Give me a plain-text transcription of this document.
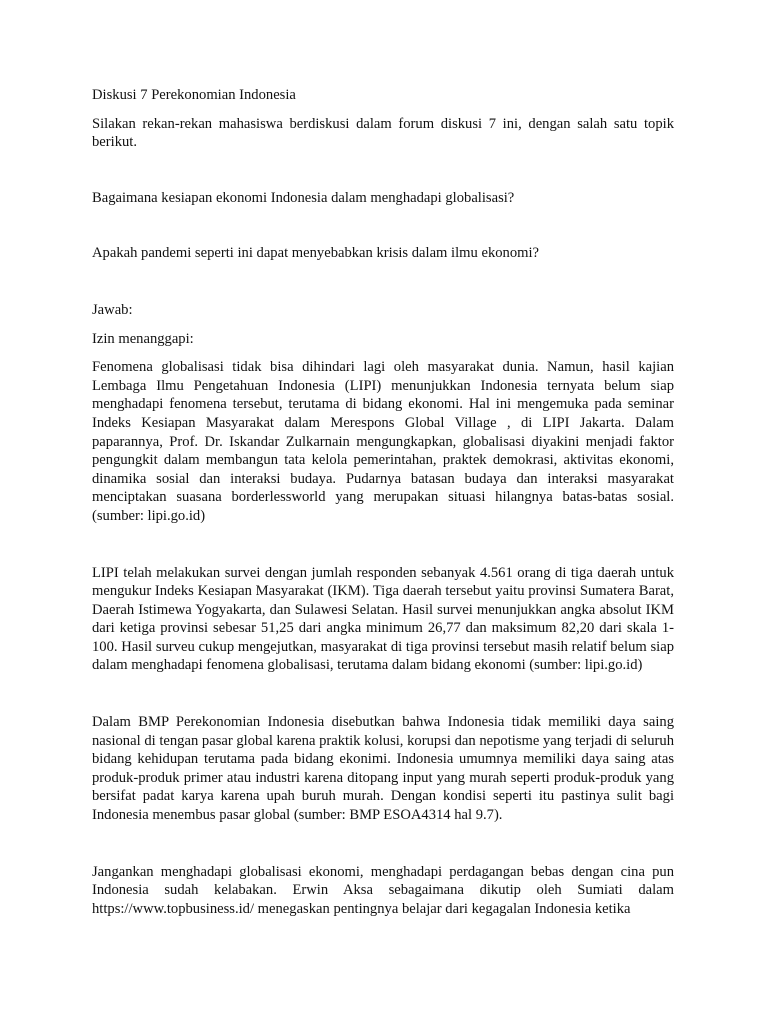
Diskusi 7 Perekonomian Indonesia

Silakan rekan-rekan mahasiswa berdiskusi dalam forum diskusi 7 ini, dengan salah satu topik berikut.

Bagaimana kesiapan ekonomi Indonesia dalam menghadapi globalisasi?

Apakah pandemi seperti ini dapat menyebabkan krisis dalam ilmu ekonomi?

Jawab:

Izin menanggapi:

Fenomena globalisasi tidak bisa dihindari lagi oleh masyarakat dunia. Namun, hasil kajian Lembaga Ilmu Pengetahuan Indonesia (LIPI) menunjukkan Indonesia ternyata belum siap menghadapi fenomena tersebut, terutama di bidang ekonomi. Hal ini mengemuka pada seminar Indeks Kesiapan Masyarakat dalam Merespons Global Village , di LIPI Jakarta. Dalam paparannya, Prof. Dr. Iskandar Zulkarnain mengungkapkan, globalisasi diyakini menjadi faktor pengungkit dalam membangun tata kelola pemerintahan, praktek demokrasi, aktivitas ekonomi, dinamika sosial dan interaksi budaya. Pudarnya batasan budaya dan interaksi masyarakat menciptakan suasana borderlessworld yang merupakan situasi hilangnya batas-batas sosial. (sumber: lipi.go.id)

LIPI telah melakukan survei dengan jumlah responden sebanyak 4.561 orang di tiga daerah untuk mengukur Indeks Kesiapan Masyarakat (IKM). Tiga daerah tersebut yaitu provinsi Sumatera Barat, Daerah Istimewa Yogyakarta, dan Sulawesi Selatan. Hasil survei menunjukkan angka absolut IKM dari ketiga provinsi sebesar 51,25 dari angka minimum 26,77 dan maksimum 82,20 dari skala 1-100. Hasil surveu cukup mengejutkan, masyarakat di tiga provinsi tersebut masih relatif belum siap dalam menghadapi fenomena globalisasi, terutama dalam bidang ekonomi (sumber: lipi.go.id)

Dalam BMP Perekonomian Indonesia disebutkan bahwa Indonesia tidak memiliki daya saing nasional di tengan pasar global karena praktik kolusi, korupsi dan nepotisme yang terjadi di seluruh bidang kehidupan terutama pada bidang ekonimi. Indonesia umumnya memiliki daya saing atas produk-produk primer atau industri karena ditopang input yang murah seperti produk-produk yang bersifat padat karya karena upah buruh murah. Dengan kondisi seperti itu pastinya sulit bagi Indonesia menembus pasar global (sumber: BMP ESOA4314 hal 9.7).

Jangankan menghadapi globalisasi ekonomi, menghadapi perdagangan bebas dengan cina pun Indonesia sudah kelabakan. Erwin Aksa sebagaimana dikutip oleh Sumiati dalam https://www.topbusiness.id/ menegaskan pentingnya belajar dari kegagalan Indonesia ketika
